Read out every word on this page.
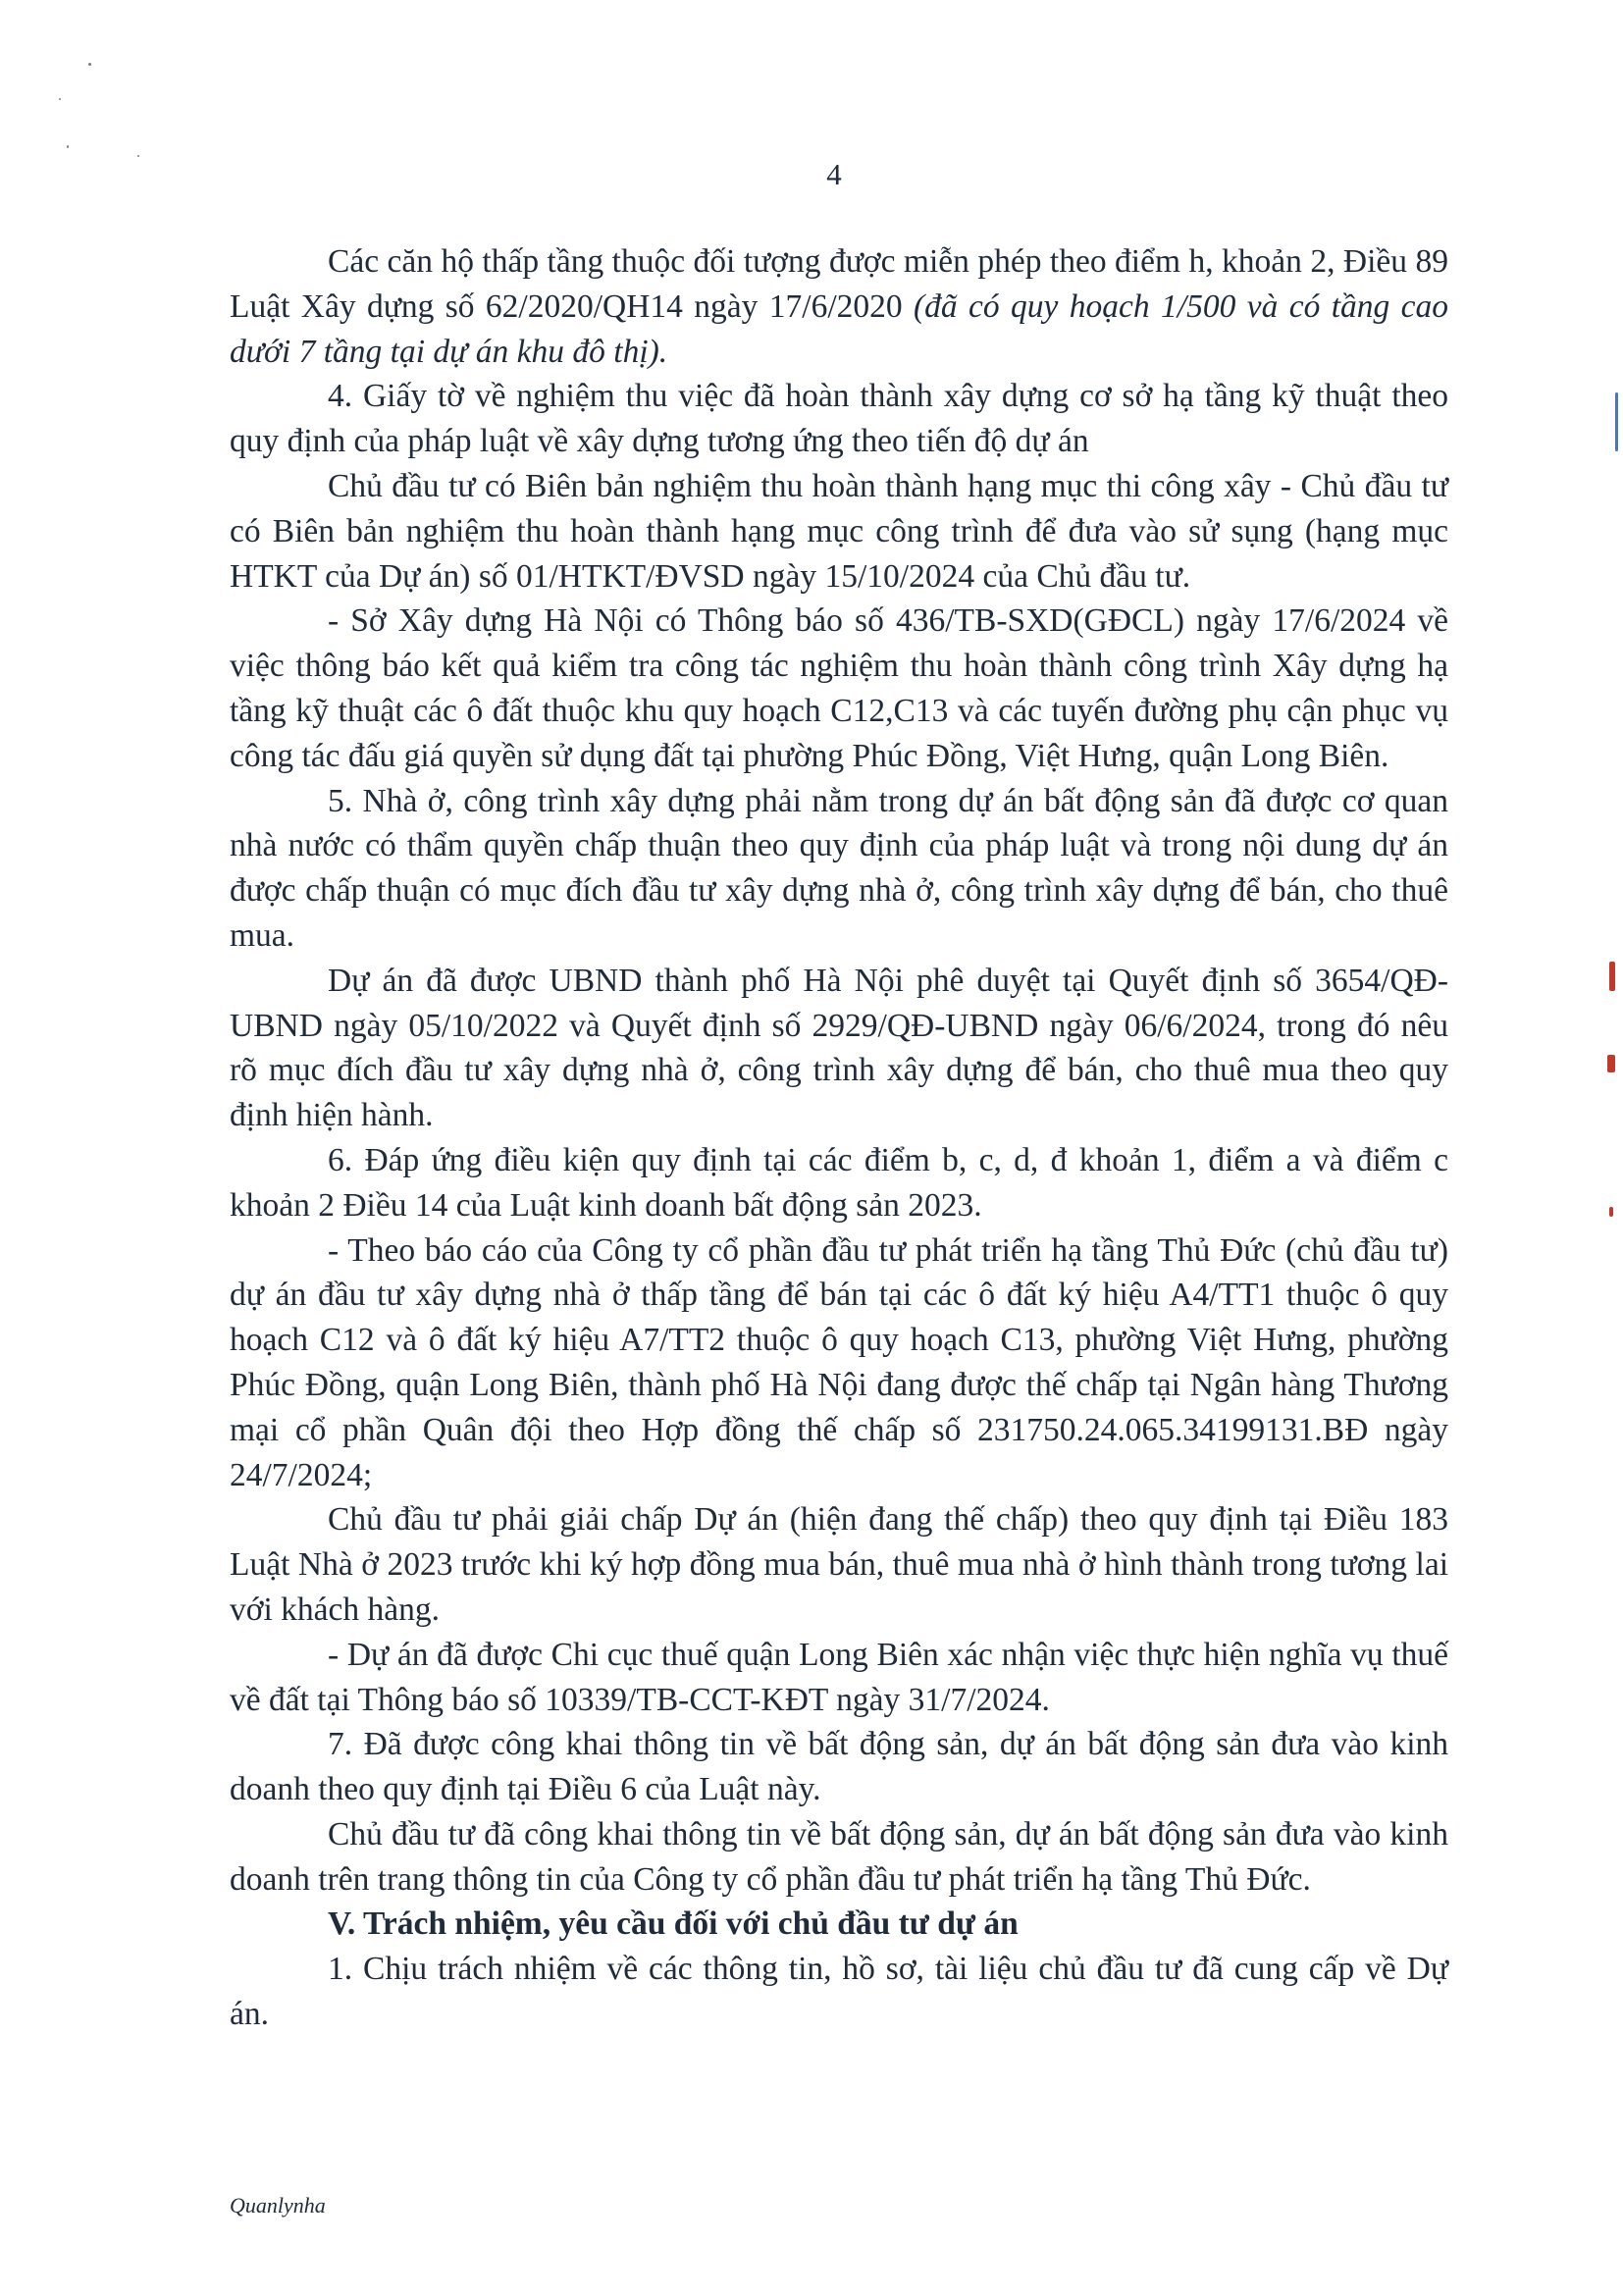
4

Các căn hộ thấp tầng thuộc đối tượng được miễn phép theo điểm h, khoản 2, Điều 89 Luật Xây dựng số 62/2020/QH14 ngày 17/6/2020 (đã có quy hoạch 1/500 và có tầng cao dưới 7 tầng tại dự án khu đô thị).

4. Giấy tờ về nghiệm thu việc đã hoàn thành xây dựng cơ sở hạ tầng kỹ thuật theo quy định của pháp luật về xây dựng tương ứng theo tiến độ dự án

Chủ đầu tư có Biên bản nghiệm thu hoàn thành hạng mục thi công xây - Chủ đầu tư có Biên bản nghiệm thu hoàn thành hạng mục công trình để đưa vào sử sụng (hạng mục HTKT của Dự án) số 01/HTKT/ĐVSD ngày 15/10/2024 của Chủ đầu tư.

- Sở Xây dựng Hà Nội có Thông báo số 436/TB-SXD(GĐCL) ngày 17/6/2024 về việc thông báo kết quả kiểm tra công tác nghiệm thu hoàn thành công trình Xây dựng hạ tầng kỹ thuật các ô đất thuộc khu quy hoạch C12,C13 và các tuyến đường phụ cận phục vụ công tác đấu giá quyền sử dụng đất tại phường Phúc Đồng, Việt Hưng, quận Long Biên.

5. Nhà ở, công trình xây dựng phải nằm trong dự án bất động sản đã được cơ quan nhà nước có thẩm quyền chấp thuận theo quy định của pháp luật và trong nội dung dự án được chấp thuận có mục đích đầu tư xây dựng nhà ở, công trình xây dựng để bán, cho thuê mua.

Dự án đã được UBND thành phố Hà Nội phê duyệt tại Quyết định số 3654/QĐ-UBND ngày 05/10/2022 và Quyết định số 2929/QĐ-UBND ngày 06/6/2024, trong đó nêu rõ mục đích đầu tư xây dựng nhà ở, công trình xây dựng để bán, cho thuê mua theo quy định hiện hành.

6. Đáp ứng điều kiện quy định tại các điểm b, c, d, đ khoản 1, điểm a và điểm c khoản 2 Điều 14 của Luật kinh doanh bất động sản 2023.

- Theo báo cáo của Công ty cổ phần đầu tư phát triển hạ tầng Thủ Đức (chủ đầu tư) dự án đầu tư xây dựng nhà ở thấp tầng để bán tại các ô đất ký hiệu A4/TT1 thuộc ô quy hoạch C12 và ô đất ký hiệu A7/TT2 thuộc ô quy hoạch C13, phường Việt Hưng, phường Phúc Đồng, quận Long Biên, thành phố Hà Nội đang được thế chấp tại Ngân hàng Thương mại cổ phần Quân đội theo Hợp đồng thế chấp số 231750.24.065.34199131.BĐ ngày 24/7/2024;

Chủ đầu tư phải giải chấp Dự án (hiện đang thế chấp) theo quy định tại Điều 183 Luật Nhà ở 2023 trước khi ký hợp đồng mua bán, thuê mua nhà ở hình thành trong tương lai với khách hàng.

- Dự án đã được Chi cục thuế quận Long Biên xác nhận việc thực hiện nghĩa vụ thuế về đất tại Thông báo số 10339/TB-CCT-KĐT ngày 31/7/2024.

7. Đã được công khai thông tin về bất động sản, dự án bất động sản đưa vào kinh doanh theo quy định tại Điều 6 của Luật này.

Chủ đầu tư đã công khai thông tin về bất động sản, dự án bất động sản đưa vào kinh doanh trên trang thông tin của Công ty cổ phần đầu tư phát triển hạ tầng Thủ Đức.

V. Trách nhiệm, yêu cầu đối với chủ đầu tư dự án

1. Chịu trách nhiệm về các thông tin, hồ sơ, tài liệu chủ đầu tư đã cung cấp về Dự án.

Quanlynha
